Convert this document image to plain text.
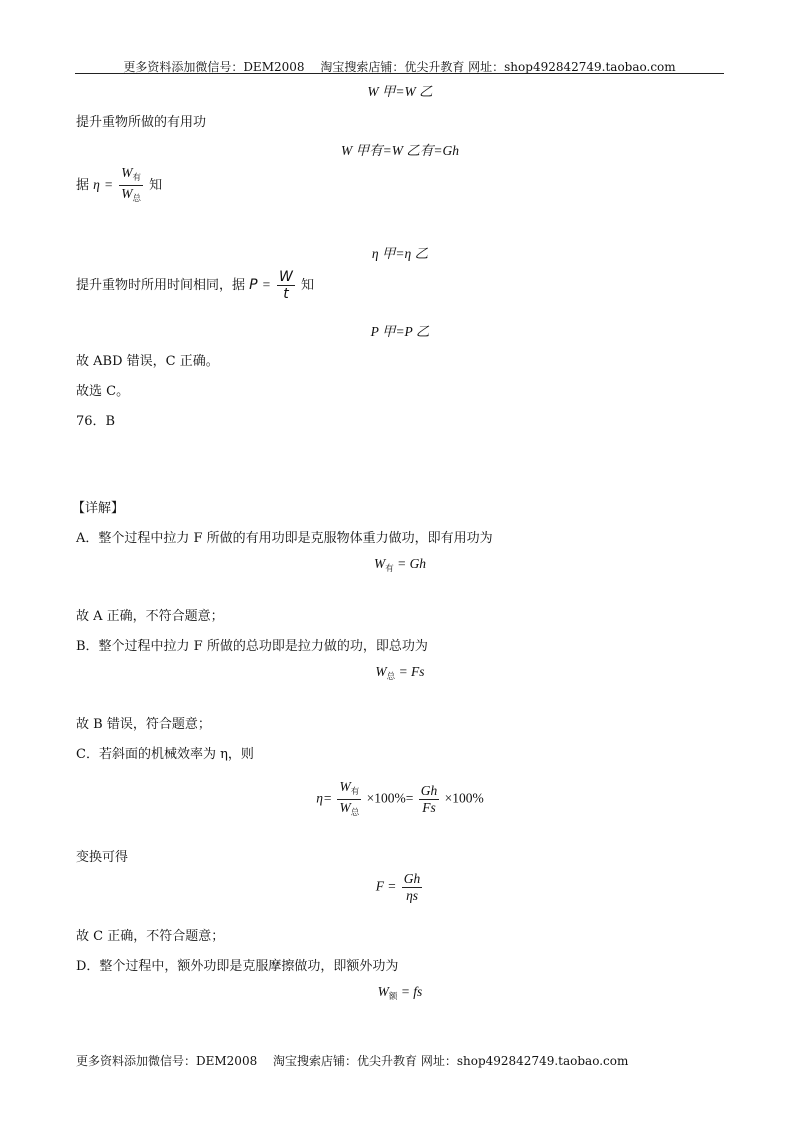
更多资料添加微信号：DEM2008　 淘宝搜索店铺：优尖升教育 网址：shop492842749.taobao.com
W 甲=W 乙
提升重物所做的有用功
W 甲有=W 乙有=Gh
据 $\eta = \frac{W_有}{W_总}$ 知
η 甲=η 乙
提升重物时所用时间相同，据 $P = \frac{W}{t}$ 知
P 甲=P 乙
故 ABD 错误，C 正确。
故选 C。
76．B
【详解】
A．整个过程中拉力 F 所做的有用功即是克服物体重力做功，即有用功为
$W_有 = Gh$
故 A 正确，不符合题意；
B．整个过程中拉力 F 所做的总功即是拉力做的功，即总功为
$W_总 = Fs$
故 B 错误，符合题意；
C．若斜面的机械效率为 η，则
$\eta= \frac{W_有}{W_总} \times 100\%= \frac{Gh}{Fs} \times 100\%$
变换可得
$F = \frac{Gh}{\eta s}$
故 C 正确，不符合题意；
D．整个过程中，额外功即是克服摩擦做功，即额外功为
$W_额$ = fs
更多资料添加微信号：DEM2008　 淘宝搜索店铺：优尖升教育 网址：shop492842749.taobao.com
